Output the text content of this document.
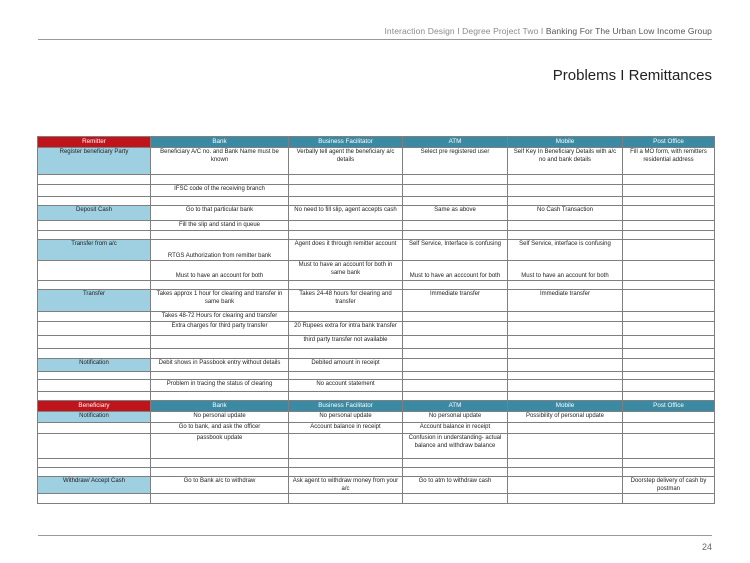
Interaction Design I Degree Project Two I Banking For The Urban Low Income Group
Problems I Remittances
Remitter	Bank	Business Facilitator	ATM	Mobile	Post Office
Register beneficiary Party	Beneficiary A/C no. and Bank Name must be known	Verbally tell agent the beneficiary a/c details	Select pre registered user	Self Key In Beneficiary Details with a/c no and bank details	Fill a MO form, with remitters residential address

	IFSC code of the receiving branch				

Deposit Cash	Go to that particular bank	No need to fill slip, agent accepts cash	Same as above	No Cash Transaction	
	Fill the slip and stand in queue				

Transfer from a/c	RTGS Authorization from remitter bank	Agent does it through remitter account	Self Service, Interface is confusing	Self Service, interface is confusing	
	Must to have an account for both	Must to have an account for both in same bank	Must to have an acccount for both	Must to have an account for both	

Transfer	Takes approx 1 hour for clearing and transfer in same bank	Takes 24-48 hours for clearing and transfer	Immediate transfer	Immediate transfer	
	Takes 48-72 Hours for clearing and transfer				
	Extra charges for third party transfer	20 Rupees extra for intra bank transfer			
		third party transfer not available			

Notification	Debit shows in Passbook entry without details	Debited amount in receipt			

	Problem in tracing the status of clearing	No account statement			

Beneficiary	Bank	Business Facilitator	ATM	Mobile	Post Office
Notification	No personal update	No personal update	No personal update	Possibility of personal update	
	Go to bank, and ask the officer	Account balance in receipt	Account balance in receipt		
	passbook update		Confusion in understanding- actual balance and withdraw balance		

Withdraw/ Accept Cash	Go to Bank a/c to withdraw	Ask agent to withdraw money from your a/c	Go to atm to withdraw cash		Doorstep delivery of cash by postman

24
